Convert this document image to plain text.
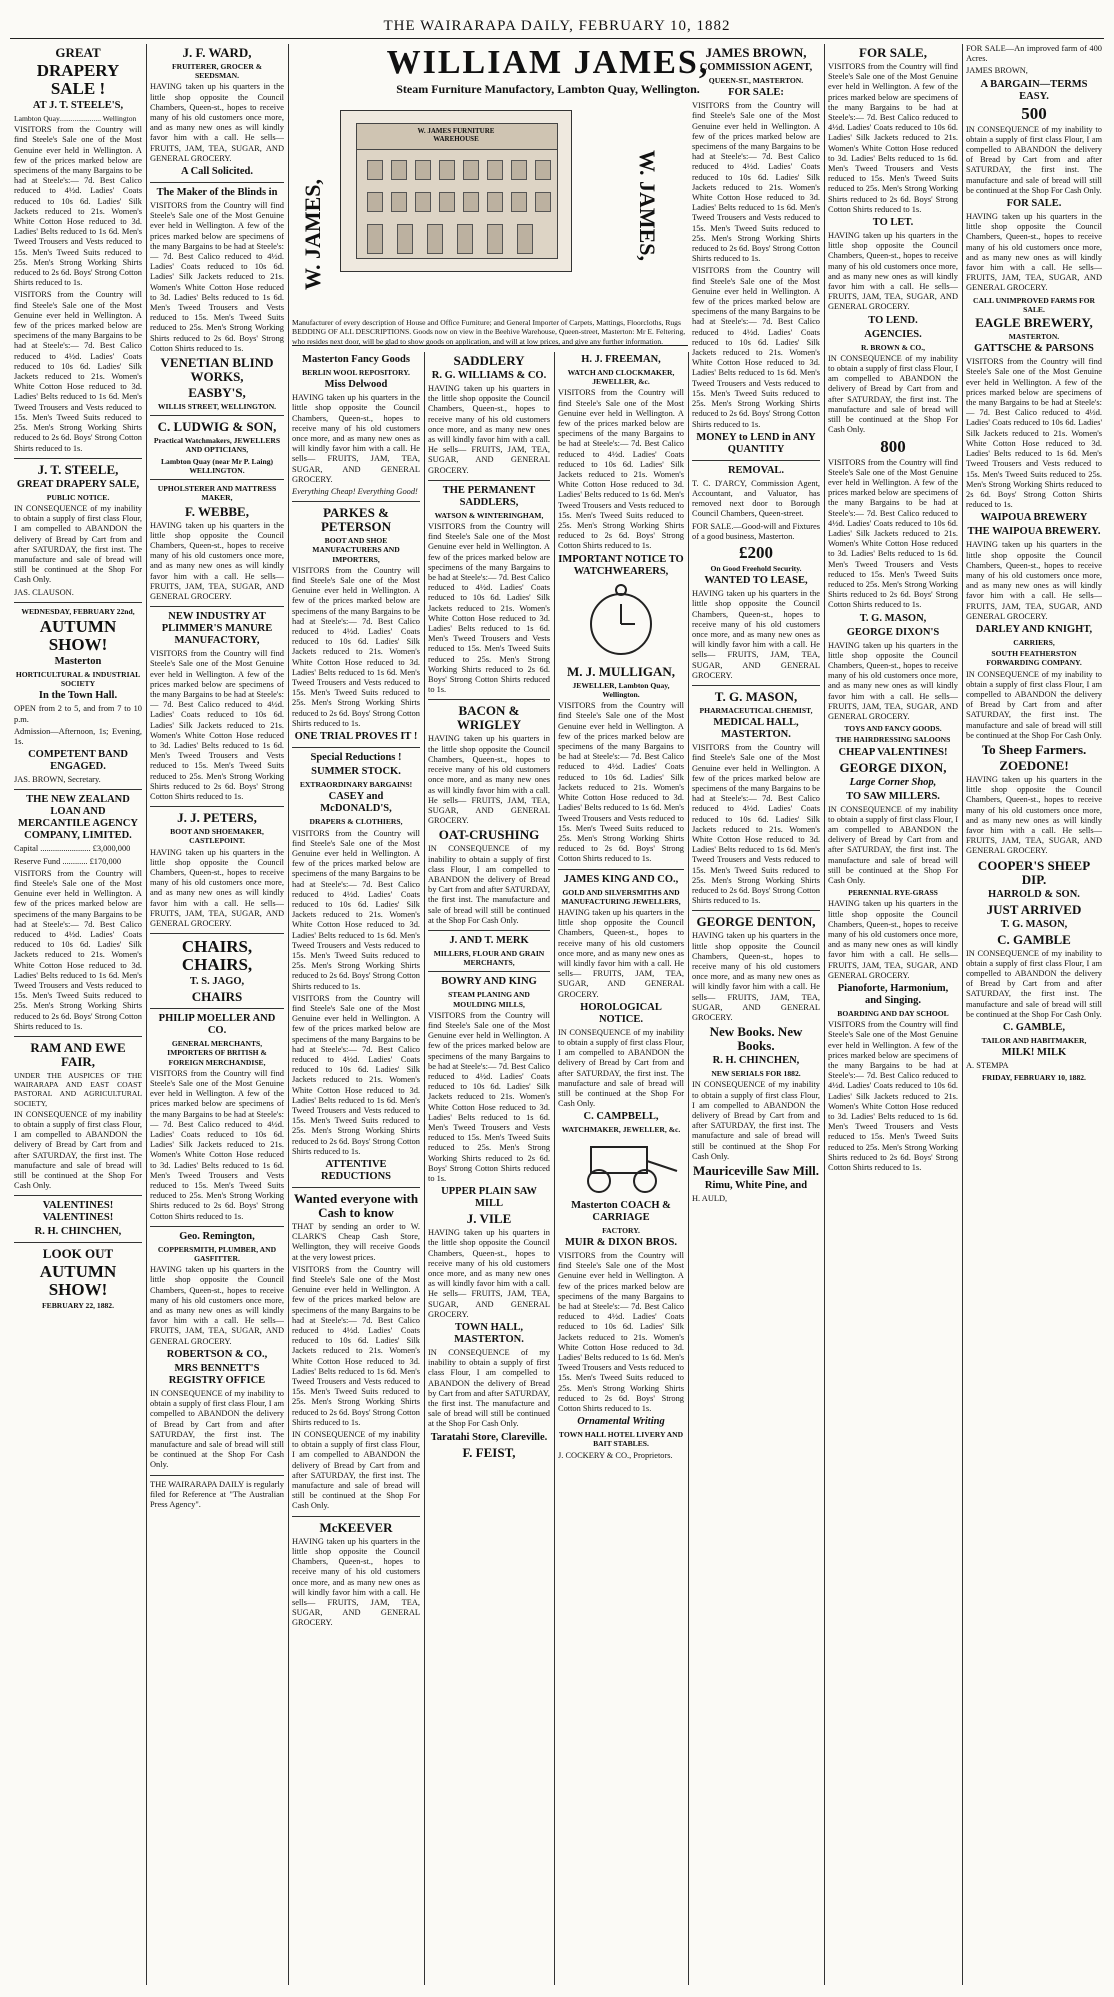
THE WAIRARAPA DAILY, FEBRUARY 10, 1882
GREAT
DRAPERY SALE !
AT J. T. STEELE'S,

Lambton Quay...................... Wellington

VISITORS from the Country will find Steele's Sale one of the Most Genuine ever held in Wellington. A few of the prices marked below are specimens of the many Bargains to be had at Steele's:— 7d. Best Calico reduced to 4½d. Ladies' Coats reduced to 10s 6d. Ladies' Silk Jackets reduced to 21s. Women's White Cotton Hose reduced to 3d. Ladies' Belts reduced to 1s 6d. Men's Tweed Trousers and Vests reduced to 15s. Men's Tweed Suits reduced to 25s. Men's Strong Working Shirts reduced to 2s 6d. Boys' Strong Cotton Shirts reduced to 1s.

VISITORS from the Country will find Steele's Sale one of the Most Genuine ever held in Wellington. A few of the prices marked below are specimens of the many Bargains to be had at Steele's:— 7d. Best Calico reduced to 4½d. Ladies' Coats reduced to 10s 6d. Ladies' Silk Jackets reduced to 21s. Women's White Cotton Hose reduced to 3d. Ladies' Belts reduced to 1s 6d. Men's Tweed Trousers and Vests reduced to 15s. Men's Tweed Suits reduced to 25s. Men's Strong Working Shirts reduced to 2s 6d. Boys' Strong Cotton Shirts reduced to 1s.

J. T. STEELE,
GREAT DRAPERY SALE,
PUBLIC NOTICE.

IN CONSEQUENCE of my inability to obtain a supply of first class Flour, I am compelled to ABANDON the delivery of Bread by Cart from and after SATURDAY, the first inst. The manufacture and sale of bread will still be continued at the Shop For Cash Only.

JAS. CLAUSON.

WEDNESDAY, FEBRUARY 22nd,
AUTUMN SHOW!
Masterton
HORTICULTURAL & INDUSTRIAL SOCIETY
In the Town Hall.

OPEN from 2 to 5, and from 7 to 10 p.m.

Admission—Afternoon, 1s; Evening, 1s.

COMPETENT BAND ENGAGED.

JAS. BROWN, Secretary.

THE NEW ZEALAND LOAN AND MERCANTILE AGENCY COMPANY, LIMITED.

Capital ........................ £3,000,000

Reserve Fund ............ £170,000

VISITORS from the Country will find Steele's Sale one of the Most Genuine ever held in Wellington. A few of the prices marked below are specimens of the many Bargains to be had at Steele's:— 7d. Best Calico reduced to 4½d. Ladies' Coats reduced to 10s 6d. Ladies' Silk Jackets reduced to 21s. Women's White Cotton Hose reduced to 3d. Ladies' Belts reduced to 1s 6d. Men's Tweed Trousers and Vests reduced to 15s. Men's Tweed Suits reduced to 25s. Men's Strong Working Shirts reduced to 2s 6d. Boys' Strong Cotton Shirts reduced to 1s.

RAM AND EWE FAIR,

UNDER THE AUSPICES OF THE WAIRARAPA AND EAST COAST PASTORAL AND AGRICULTURAL SOCIETY,

IN CONSEQUENCE of my inability to obtain a supply of first class Flour, I am compelled to ABANDON the delivery of Bread by Cart from and after SATURDAY, the first inst. The manufacture and sale of bread will still be continued at the Shop For Cash Only.

VALENTINES! VALENTINES!
R. H. CHINCHEN,
LOOK OUT
AUTUMN SHOW!
FEBRUARY 22, 1882.
J. F. WARD,
FRUITERER, GROCER & SEEDSMAN.

HAVING taken up his quarters in the little shop opposite the Council Chambers, Queen-st., hopes to receive many of his old customers once more, and as many new ones as will kindly favor him with a call. He sells— FRUITS, JAM, TEA, SUGAR, AND GENERAL GROCERY.

A Call Solicited.
The Maker of the Blinds in

VISITORS from the Country will find Steele's Sale one of the Most Genuine ever held in Wellington. A few of the prices marked below are specimens of the many Bargains to be had at Steele's:— 7d. Best Calico reduced to 4½d. Ladies' Coats reduced to 10s 6d. Ladies' Silk Jackets reduced to 21s. Women's White Cotton Hose reduced to 3d. Ladies' Belts reduced to 1s 6d. Men's Tweed Trousers and Vests reduced to 15s. Men's Tweed Suits reduced to 25s. Men's Strong Working Shirts reduced to 2s 6d. Boys' Strong Cotton Shirts reduced to 1s.

VENETIAN BLIND WORKS,
EASBY'S,
WILLIS STREET, WELLINGTON.
C. LUDWIG & SON,
Practical Watchmakers, JEWELLERS AND OPTICIANS,
Lambton Quay (near Mr P. Laing) WELLINGTON.
UPHOLSTERER AND MATTRESS MAKER,
F. WEBBE,

HAVING taken up his quarters in the little shop opposite the Council Chambers, Queen-st., hopes to receive many of his old customers once more, and as many new ones as will kindly favor him with a call. He sells— FRUITS, JAM, TEA, SUGAR, AND GENERAL GROCERY.

NEW INDUSTRY AT PLIMMER'S MANURE MANUFACTORY,

VISITORS from the Country will find Steele's Sale one of the Most Genuine ever held in Wellington. A few of the prices marked below are specimens of the many Bargains to be had at Steele's:— 7d. Best Calico reduced to 4½d. Ladies' Coats reduced to 10s 6d. Ladies' Silk Jackets reduced to 21s. Women's White Cotton Hose reduced to 3d. Ladies' Belts reduced to 1s 6d. Men's Tweed Trousers and Vests reduced to 15s. Men's Tweed Suits reduced to 25s. Men's Strong Working Shirts reduced to 2s 6d. Boys' Strong Cotton Shirts reduced to 1s.

J. J. PETERS,
BOOT AND SHOEMAKER, CASTLEPOINT.

HAVING taken up his quarters in the little shop opposite the Council Chambers, Queen-st., hopes to receive many of his old customers once more, and as many new ones as will kindly favor him with a call. He sells— FRUITS, JAM, TEA, SUGAR, AND GENERAL GROCERY.

CHAIRS, CHAIRS,
T. S. JAGO,
CHAIRS
PHILIP MOELLER AND CO.
GENERAL MERCHANTS, IMPORTERS OF BRITISH & FOREIGN MERCHANDISE,

VISITORS from the Country will find Steele's Sale one of the Most Genuine ever held in Wellington. A few of the prices marked below are specimens of the many Bargains to be had at Steele's:— 7d. Best Calico reduced to 4½d. Ladies' Coats reduced to 10s 6d. Ladies' Silk Jackets reduced to 21s. Women's White Cotton Hose reduced to 3d. Ladies' Belts reduced to 1s 6d. Men's Tweed Trousers and Vests reduced to 15s. Men's Tweed Suits reduced to 25s. Men's Strong Working Shirts reduced to 2s 6d. Boys' Strong Cotton Shirts reduced to 1s.

Geo. Remington,
COPPERSMITH, PLUMBER, AND GASFITTER.

HAVING taken up his quarters in the little shop opposite the Council Chambers, Queen-st., hopes to receive many of his old customers once more, and as many new ones as will kindly favor him with a call. He sells— FRUITS, JAM, TEA, SUGAR, AND GENERAL GROCERY.

ROBERTSON & CO.,
MRS BENNETT'S REGISTRY OFFICE

IN CONSEQUENCE of my inability to obtain a supply of first class Flour, I am compelled to ABANDON the delivery of Bread by Cart from and after SATURDAY, the first inst. The manufacture and sale of bread will still be continued at the Shop For Cash Only.

THE WAIRARAPA DAILY is regularly filed for Reference at "The Australian Press Agency".

WILLIAM JAMES,
Steam Furniture Manufactory, Lambton Quay, Wellington.
W. JAMES,
W. JAMES FURNITURE WAREHOUSE
W. JAMES,
Manufacturer of every description of House and Office Furniture; and General Importer of Carpets, Mattings, Floorcloths, Rugs BEDDING OF ALL DESCRIPTIONS. Goods now on view in the Beehive Warehouse, Queen-street, Masterton: Mr E. Feltering, who resides next door, will be glad to show goods on application, and will at low prices, and give any further information.
Masterton Fancy Goods
BERLIN WOOL REPOSITORY.
Miss Delwood

HAVING taken up his quarters in the little shop opposite the Council Chambers, Queen-st., hopes to receive many of his old customers once more, and as many new ones as will kindly favor him with a call. He sells— FRUITS, JAM, TEA, SUGAR, AND GENERAL GROCERY.

Everything Cheap! Everything Good!

PARKES & PETERSON
BOOT AND SHOE MANUFACTURERS AND IMPORTERS,

VISITORS from the Country will find Steele's Sale one of the Most Genuine ever held in Wellington. A few of the prices marked below are specimens of the many Bargains to be had at Steele's:— 7d. Best Calico reduced to 4½d. Ladies' Coats reduced to 10s 6d. Ladies' Silk Jackets reduced to 21s. Women's White Cotton Hose reduced to 3d. Ladies' Belts reduced to 1s 6d. Men's Tweed Trousers and Vests reduced to 15s. Men's Tweed Suits reduced to 25s. Men's Strong Working Shirts reduced to 2s 6d. Boys' Strong Cotton Shirts reduced to 1s.

ONE TRIAL PROVES IT !
Special Reductions !
SUMMER STOCK.
EXTRAORDINARY BARGAINS!
CASEY and McDONALD'S,
DRAPERS & CLOTHIERS,

VISITORS from the Country will find Steele's Sale one of the Most Genuine ever held in Wellington. A few of the prices marked below are specimens of the many Bargains to be had at Steele's:— 7d. Best Calico reduced to 4½d. Ladies' Coats reduced to 10s 6d. Ladies' Silk Jackets reduced to 21s. Women's White Cotton Hose reduced to 3d. Ladies' Belts reduced to 1s 6d. Men's Tweed Trousers and Vests reduced to 15s. Men's Tweed Suits reduced to 25s. Men's Strong Working Shirts reduced to 2s 6d. Boys' Strong Cotton Shirts reduced to 1s.

VISITORS from the Country will find Steele's Sale one of the Most Genuine ever held in Wellington. A few of the prices marked below are specimens of the many Bargains to be had at Steele's:— 7d. Best Calico reduced to 4½d. Ladies' Coats reduced to 10s 6d. Ladies' Silk Jackets reduced to 21s. Women's White Cotton Hose reduced to 3d. Ladies' Belts reduced to 1s 6d. Men's Tweed Trousers and Vests reduced to 15s. Men's Tweed Suits reduced to 25s. Men's Strong Working Shirts reduced to 2s 6d. Boys' Strong Cotton Shirts reduced to 1s.

ATTENTIVE REDUCTIONS
Wanted everyone with Cash to know

THAT by sending an order to W. CLARK'S Cheap Cash Store, Wellington, they will receive Goods at the very lowest prices.

VISITORS from the Country will find Steele's Sale one of the Most Genuine ever held in Wellington. A few of the prices marked below are specimens of the many Bargains to be had at Steele's:— 7d. Best Calico reduced to 4½d. Ladies' Coats reduced to 10s 6d. Ladies' Silk Jackets reduced to 21s. Women's White Cotton Hose reduced to 3d. Ladies' Belts reduced to 1s 6d. Men's Tweed Trousers and Vests reduced to 15s. Men's Tweed Suits reduced to 25s. Men's Strong Working Shirts reduced to 2s 6d. Boys' Strong Cotton Shirts reduced to 1s.

IN CONSEQUENCE of my inability to obtain a supply of first class Flour, I am compelled to ABANDON the delivery of Bread by Cart from and after SATURDAY, the first inst. The manufacture and sale of bread will still be continued at the Shop For Cash Only.

McKEEVER

HAVING taken up his quarters in the little shop opposite the Council Chambers, Queen-st., hopes to receive many of his old customers once more, and as many new ones as will kindly favor him with a call. He sells— FRUITS, JAM, TEA, SUGAR, AND GENERAL GROCERY.

SADDLERY
R. G. WILLIAMS & CO.

HAVING taken up his quarters in the little shop opposite the Council Chambers, Queen-st., hopes to receive many of his old customers once more, and as many new ones as will kindly favor him with a call. He sells— FRUITS, JAM, TEA, SUGAR, AND GENERAL GROCERY.

THE PERMANENT SADDLERS,
WATSON & WINTERINGHAM,

VISITORS from the Country will find Steele's Sale one of the Most Genuine ever held in Wellington. A few of the prices marked below are specimens of the many Bargains to be had at Steele's:— 7d. Best Calico reduced to 4½d. Ladies' Coats reduced to 10s 6d. Ladies' Silk Jackets reduced to 21s. Women's White Cotton Hose reduced to 3d. Ladies' Belts reduced to 1s 6d. Men's Tweed Trousers and Vests reduced to 15s. Men's Tweed Suits reduced to 25s. Men's Strong Working Shirts reduced to 2s 6d. Boys' Strong Cotton Shirts reduced to 1s.

BACON & WRIGLEY

HAVING taken up his quarters in the little shop opposite the Council Chambers, Queen-st., hopes to receive many of his old customers once more, and as many new ones as will kindly favor him with a call. He sells— FRUITS, JAM, TEA, SUGAR, AND GENERAL GROCERY.

OAT-CRUSHING

IN CONSEQUENCE of my inability to obtain a supply of first class Flour, I am compelled to ABANDON the delivery of Bread by Cart from and after SATURDAY, the first inst. The manufacture and sale of bread will still be continued at the Shop For Cash Only.

J. AND T. MERK
MILLERS, FLOUR AND GRAIN MERCHANTS,
BOWRY AND KING
STEAM PLANING AND MOULDING MILLS,

VISITORS from the Country will find Steele's Sale one of the Most Genuine ever held in Wellington. A few of the prices marked below are specimens of the many Bargains to be had at Steele's:— 7d. Best Calico reduced to 4½d. Ladies' Coats reduced to 10s 6d. Ladies' Silk Jackets reduced to 21s. Women's White Cotton Hose reduced to 3d. Ladies' Belts reduced to 1s 6d. Men's Tweed Trousers and Vests reduced to 15s. Men's Tweed Suits reduced to 25s. Men's Strong Working Shirts reduced to 2s 6d. Boys' Strong Cotton Shirts reduced to 1s.

UPPER PLAIN SAW MILL
J. VILE

HAVING taken up his quarters in the little shop opposite the Council Chambers, Queen-st., hopes to receive many of his old customers once more, and as many new ones as will kindly favor him with a call. He sells— FRUITS, JAM, TEA, SUGAR, AND GENERAL GROCERY.

TOWN HALL, MASTERTON.

IN CONSEQUENCE of my inability to obtain a supply of first class Flour, I am compelled to ABANDON the delivery of Bread by Cart from and after SATURDAY, the first inst. The manufacture and sale of bread will still be continued at the Shop For Cash Only.

Taratahi Store, Clareville.
F. FEIST,
H. J. FREEMAN,
WATCH AND CLOCKMAKER, JEWELLER, &c.

VISITORS from the Country will find Steele's Sale one of the Most Genuine ever held in Wellington. A few of the prices marked below are specimens of the many Bargains to be had at Steele's:— 7d. Best Calico reduced to 4½d. Ladies' Coats reduced to 10s 6d. Ladies' Silk Jackets reduced to 21s. Women's White Cotton Hose reduced to 3d. Ladies' Belts reduced to 1s 6d. Men's Tweed Trousers and Vests reduced to 15s. Men's Tweed Suits reduced to 25s. Men's Strong Working Shirts reduced to 2s 6d. Boys' Strong Cotton Shirts reduced to 1s.

IMPORTANT NOTICE TO WATCHWEARERS,
M. J. MULLIGAN,
JEWELLER, Lambton Quay, Wellington.

VISITORS from the Country will find Steele's Sale one of the Most Genuine ever held in Wellington. A few of the prices marked below are specimens of the many Bargains to be had at Steele's:— 7d. Best Calico reduced to 4½d. Ladies' Coats reduced to 10s 6d. Ladies' Silk Jackets reduced to 21s. Women's White Cotton Hose reduced to 3d. Ladies' Belts reduced to 1s 6d. Men's Tweed Trousers and Vests reduced to 15s. Men's Tweed Suits reduced to 25s. Men's Strong Working Shirts reduced to 2s 6d. Boys' Strong Cotton Shirts reduced to 1s.

JAMES KING AND CO.,
GOLD AND SILVERSMITHS AND MANUFACTURING JEWELLERS,

HAVING taken up his quarters in the little shop opposite the Council Chambers, Queen-st., hopes to receive many of his old customers once more, and as many new ones as will kindly favor him with a call. He sells— FRUITS, JAM, TEA, SUGAR, AND GENERAL GROCERY.

HOROLOGICAL NOTICE.

IN CONSEQUENCE of my inability to obtain a supply of first class Flour, I am compelled to ABANDON the delivery of Bread by Cart from and after SATURDAY, the first inst. The manufacture and sale of bread will still be continued at the Shop For Cash Only.

C. CAMPBELL,
WATCHMAKER, JEWELLER, &c.
Masterton COACH & CARRIAGE
FACTORY.
MUIR & DIXON BROS.

VISITORS from the Country will find Steele's Sale one of the Most Genuine ever held in Wellington. A few of the prices marked below are specimens of the many Bargains to be had at Steele's:— 7d. Best Calico reduced to 4½d. Ladies' Coats reduced to 10s 6d. Ladies' Silk Jackets reduced to 21s. Women's White Cotton Hose reduced to 3d. Ladies' Belts reduced to 1s 6d. Men's Tweed Trousers and Vests reduced to 15s. Men's Tweed Suits reduced to 25s. Men's Strong Working Shirts reduced to 2s 6d. Boys' Strong Cotton Shirts reduced to 1s.

Ornamental Writing
TOWN HALL HOTEL LIVERY AND BAIT STABLES.

J. COCKERY & CO., Proprietors.

JAMES BROWN,
COMMISSION AGENT,
QUEEN-ST., MASTERTON.
FOR SALE:

VISITORS from the Country will find Steele's Sale one of the Most Genuine ever held in Wellington. A few of the prices marked below are specimens of the many Bargains to be had at Steele's:— 7d. Best Calico reduced to 4½d. Ladies' Coats reduced to 10s 6d. Ladies' Silk Jackets reduced to 21s. Women's White Cotton Hose reduced to 3d. Ladies' Belts reduced to 1s 6d. Men's Tweed Trousers and Vests reduced to 15s. Men's Tweed Suits reduced to 25s. Men's Strong Working Shirts reduced to 2s 6d. Boys' Strong Cotton Shirts reduced to 1s.

VISITORS from the Country will find Steele's Sale one of the Most Genuine ever held in Wellington. A few of the prices marked below are specimens of the many Bargains to be had at Steele's:— 7d. Best Calico reduced to 4½d. Ladies' Coats reduced to 10s 6d. Ladies' Silk Jackets reduced to 21s. Women's White Cotton Hose reduced to 3d. Ladies' Belts reduced to 1s 6d. Men's Tweed Trousers and Vests reduced to 15s. Men's Tweed Suits reduced to 25s. Men's Strong Working Shirts reduced to 2s 6d. Boys' Strong Cotton Shirts reduced to 1s.

MONEY to LEND in ANY QUANTITY
REMOVAL.

T. C. D'ARCY, Commission Agent, Accountant, and Valuator, has removed next door to Borough Council Chambers, Queen-street.

FOR SALE.—Good-will and Fixtures of a good business, Masterton.

£200
On Good Freehold Security.
WANTED TO LEASE,

HAVING taken up his quarters in the little shop opposite the Council Chambers, Queen-st., hopes to receive many of his old customers once more, and as many new ones as will kindly favor him with a call. He sells— FRUITS, JAM, TEA, SUGAR, AND GENERAL GROCERY.

T. G. MASON,
PHARMACEUTICAL CHEMIST,
MEDICAL HALL, MASTERTON.

VISITORS from the Country will find Steele's Sale one of the Most Genuine ever held in Wellington. A few of the prices marked below are specimens of the many Bargains to be had at Steele's:— 7d. Best Calico reduced to 4½d. Ladies' Coats reduced to 10s 6d. Ladies' Silk Jackets reduced to 21s. Women's White Cotton Hose reduced to 3d. Ladies' Belts reduced to 1s 6d. Men's Tweed Trousers and Vests reduced to 15s. Men's Tweed Suits reduced to 25s. Men's Strong Working Shirts reduced to 2s 6d. Boys' Strong Cotton Shirts reduced to 1s.

GEORGE DENTON,

HAVING taken up his quarters in the little shop opposite the Council Chambers, Queen-st., hopes to receive many of his old customers once more, and as many new ones as will kindly favor him with a call. He sells— FRUITS, JAM, TEA, SUGAR, AND GENERAL GROCERY.

New Books. New Books.
R. H. CHINCHEN,
NEW SERIALS FOR 1882.

IN CONSEQUENCE of my inability to obtain a supply of first class Flour, I am compelled to ABANDON the delivery of Bread by Cart from and after SATURDAY, the first inst. The manufacture and sale of bread will still be continued at the Shop For Cash Only.

Mauriceville Saw Mill.
Rimu, White Pine, and

H. AULD,

FOR SALE,

VISITORS from the Country will find Steele's Sale one of the Most Genuine ever held in Wellington. A few of the prices marked below are specimens of the many Bargains to be had at Steele's:— 7d. Best Calico reduced to 4½d. Ladies' Coats reduced to 10s 6d. Ladies' Silk Jackets reduced to 21s. Women's White Cotton Hose reduced to 3d. Ladies' Belts reduced to 1s 6d. Men's Tweed Trousers and Vests reduced to 15s. Men's Tweed Suits reduced to 25s. Men's Strong Working Shirts reduced to 2s 6d. Boys' Strong Cotton Shirts reduced to 1s.

TO LET.

HAVING taken up his quarters in the little shop opposite the Council Chambers, Queen-st., hopes to receive many of his old customers once more, and as many new ones as will kindly favor him with a call. He sells— FRUITS, JAM, TEA, SUGAR, AND GENERAL GROCERY.

TO LEND.
AGENCIES.
R. BROWN & CO.,

IN CONSEQUENCE of my inability to obtain a supply of first class Flour, I am compelled to ABANDON the delivery of Bread by Cart from and after SATURDAY, the first inst. The manufacture and sale of bread will still be continued at the Shop For Cash Only.

800

VISITORS from the Country will find Steele's Sale one of the Most Genuine ever held in Wellington. A few of the prices marked below are specimens of the many Bargains to be had at Steele's:— 7d. Best Calico reduced to 4½d. Ladies' Coats reduced to 10s 6d. Ladies' Silk Jackets reduced to 21s. Women's White Cotton Hose reduced to 3d. Ladies' Belts reduced to 1s 6d. Men's Tweed Trousers and Vests reduced to 15s. Men's Tweed Suits reduced to 25s. Men's Strong Working Shirts reduced to 2s 6d. Boys' Strong Cotton Shirts reduced to 1s.

T. G. MASON,
GEORGE DIXON'S

HAVING taken up his quarters in the little shop opposite the Council Chambers, Queen-st., hopes to receive many of his old customers once more, and as many new ones as will kindly favor him with a call. He sells— FRUITS, JAM, TEA, SUGAR, AND GENERAL GROCERY.

TOYS AND FANCY GOODS.
THE HAIRDRESSING SALOONS
CHEAP VALENTINES!
GEORGE DIXON,
Large Corner Shop,
TO SAW MILLERS.

IN CONSEQUENCE of my inability to obtain a supply of first class Flour, I am compelled to ABANDON the delivery of Bread by Cart from and after SATURDAY, the first inst. The manufacture and sale of bread will still be continued at the Shop For Cash Only.

PERENNIAL RYE-GRASS

HAVING taken up his quarters in the little shop opposite the Council Chambers, Queen-st., hopes to receive many of his old customers once more, and as many new ones as will kindly favor him with a call. He sells— FRUITS, JAM, TEA, SUGAR, AND GENERAL GROCERY.

Pianoforte, Harmonium, and Singing.
BOARDING AND DAY SCHOOL

VISITORS from the Country will find Steele's Sale one of the Most Genuine ever held in Wellington. A few of the prices marked below are specimens of the many Bargains to be had at Steele's:— 7d. Best Calico reduced to 4½d. Ladies' Coats reduced to 10s 6d. Ladies' Silk Jackets reduced to 21s. Women's White Cotton Hose reduced to 3d. Ladies' Belts reduced to 1s 6d. Men's Tweed Trousers and Vests reduced to 15s. Men's Tweed Suits reduced to 25s. Men's Strong Working Shirts reduced to 2s 6d. Boys' Strong Cotton Shirts reduced to 1s.

FOR SALE—An improved farm of 400 Acres.

JAMES BROWN,

A BARGAIN—TERMS EASY.
500

IN CONSEQUENCE of my inability to obtain a supply of first class Flour, I am compelled to ABANDON the delivery of Bread by Cart from and after SATURDAY, the first inst. The manufacture and sale of bread will still be continued at the Shop For Cash Only.

FOR SALE.

HAVING taken up his quarters in the little shop opposite the Council Chambers, Queen-st., hopes to receive many of his old customers once more, and as many new ones as will kindly favor him with a call. He sells— FRUITS, JAM, TEA, SUGAR, AND GENERAL GROCERY.

CALL UNIMPROVED FARMS FOR SALE.
EAGLE BREWERY,
MASTERTON.
GATTSCHE & PARSONS

VISITORS from the Country will find Steele's Sale one of the Most Genuine ever held in Wellington. A few of the prices marked below are specimens of the many Bargains to be had at Steele's:— 7d. Best Calico reduced to 4½d. Ladies' Coats reduced to 10s 6d. Ladies' Silk Jackets reduced to 21s. Women's White Cotton Hose reduced to 3d. Ladies' Belts reduced to 1s 6d. Men's Tweed Trousers and Vests reduced to 15s. Men's Tweed Suits reduced to 25s. Men's Strong Working Shirts reduced to 2s 6d. Boys' Strong Cotton Shirts reduced to 1s.

WAIPOUA BREWERY
THE WAIPOUA BREWERY.

HAVING taken up his quarters in the little shop opposite the Council Chambers, Queen-st., hopes to receive many of his old customers once more, and as many new ones as will kindly favor him with a call. He sells— FRUITS, JAM, TEA, SUGAR, AND GENERAL GROCERY.

DARLEY AND KNIGHT,
CARRIERS,
SOUTH FEATHERSTON FORWARDING COMPANY.

IN CONSEQUENCE of my inability to obtain a supply of first class Flour, I am compelled to ABANDON the delivery of Bread by Cart from and after SATURDAY, the first inst. The manufacture and sale of bread will still be continued at the Shop For Cash Only.

To Sheep Farmers.
ZOEDONE!

HAVING taken up his quarters in the little shop opposite the Council Chambers, Queen-st., hopes to receive many of his old customers once more, and as many new ones as will kindly favor him with a call. He sells— FRUITS, JAM, TEA, SUGAR, AND GENERAL GROCERY.

COOPER'S SHEEP DIP.
HARROLD & SON.
JUST ARRIVED
T. G. MASON,
C. GAMBLE

IN CONSEQUENCE of my inability to obtain a supply of first class Flour, I am compelled to ABANDON the delivery of Bread by Cart from and after SATURDAY, the first inst. The manufacture and sale of bread will still be continued at the Shop For Cash Only.

C. GAMBLE,
TAILOR AND HABITMAKER,
MILK! MILK

A. STEMPA

FRIDAY, FEBRUARY 10, 1882.
